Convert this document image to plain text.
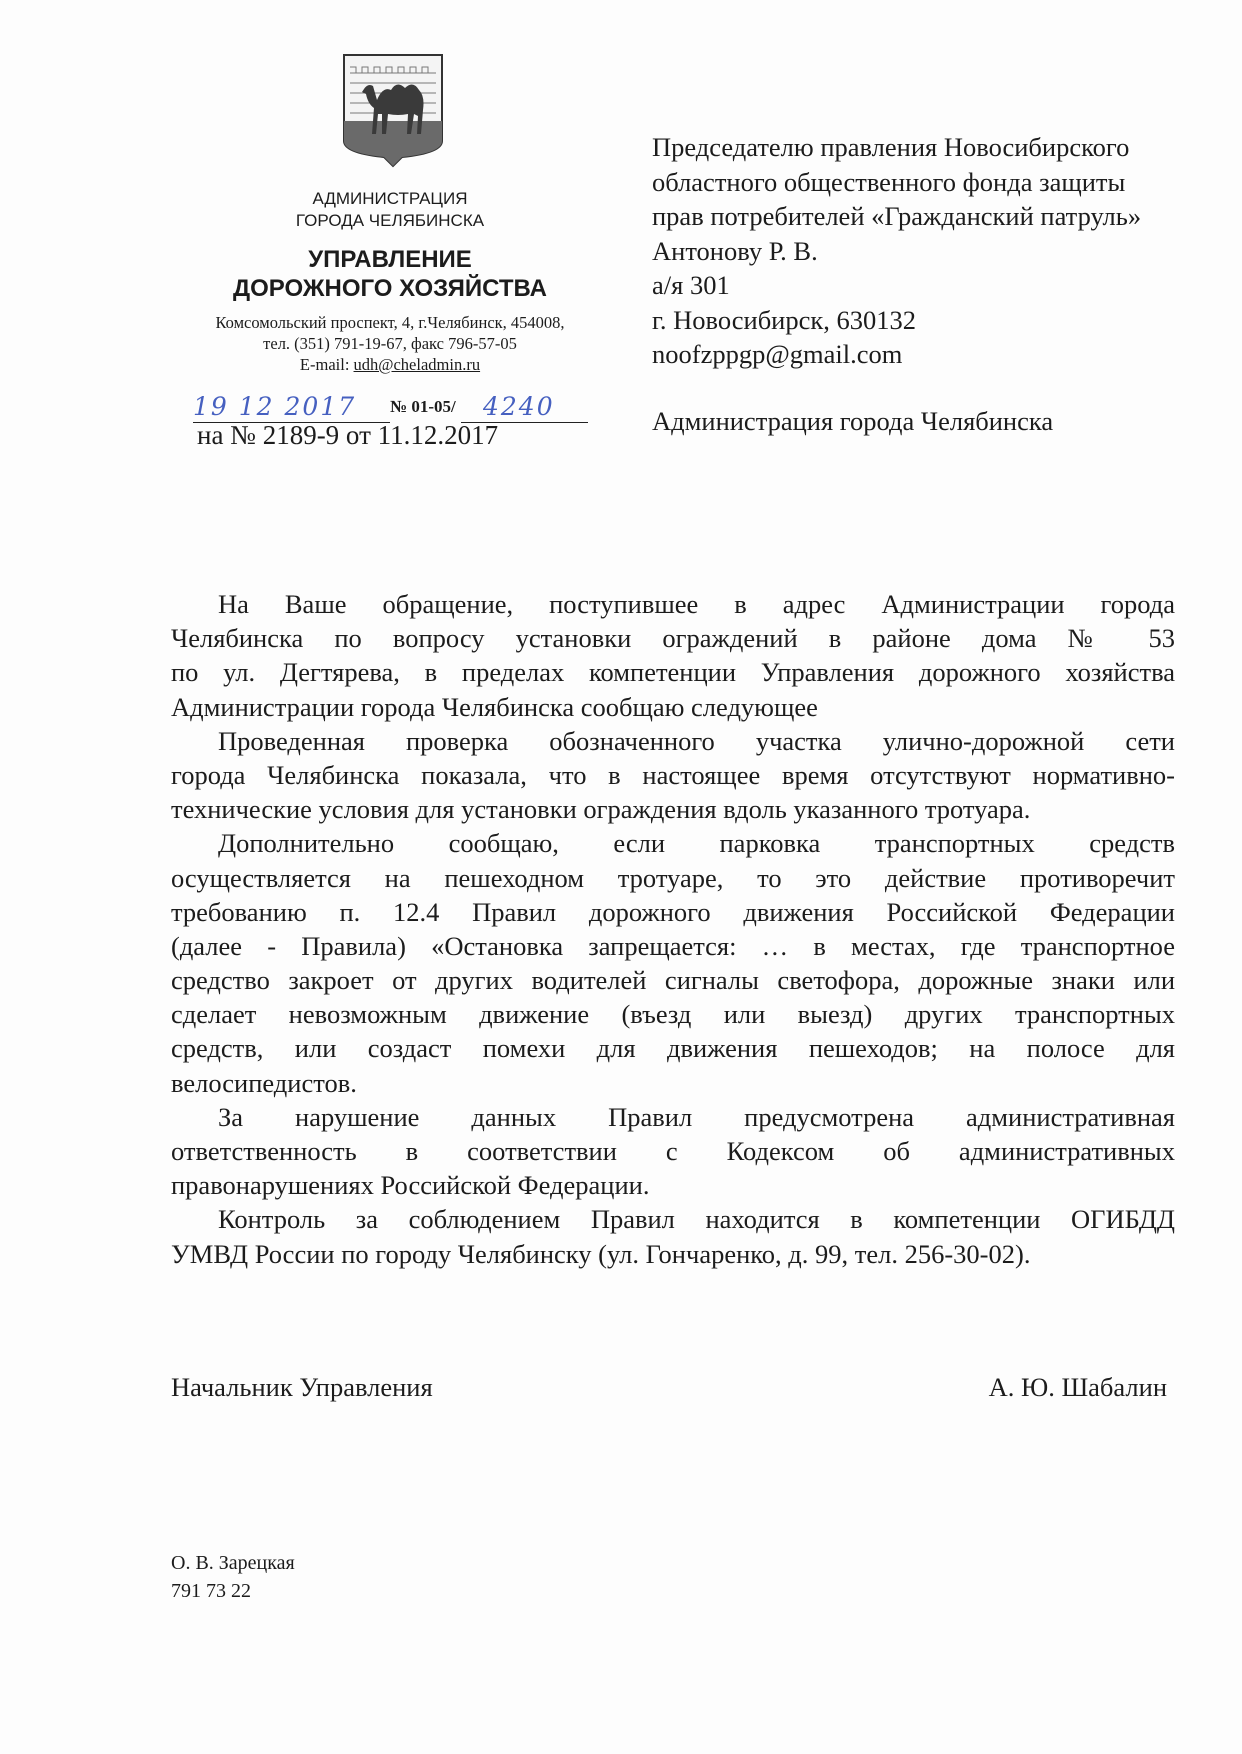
АДМИНИСТРАЦИЯ
ГОРОДА ЧЕЛЯБИНСКА
УПРАВЛЕНИЕ
ДОРОЖНОГО ХОЗЯЙСТВА
Комсомольский проспект, 4, г.Челябинск, 454008,
тел. (351) 791-19-67, факс 796-57-05
E-mail: udh@cheladmin.ru
19 12 2017 № 01-05/ 4240
на № 2189-9 от 11.12.2017
Председателю правления Новосибирского
областного общественного фонда защиты
прав потребителей «Гражданский патруль»
Антонову Р. В.
а/я 301
г. Новосибирск, 630132
noofzppgp@gmail.com
Администрация города Челябинска
На Ваше обращение, поступившее в адрес Администрации города
Челябинска по вопросу установки ограждений в районе дома № 53
по ул. Дегтярева, в пределах компетенции Управления дорожного хозяйства
Администрации города Челябинска сообщаю следующее
Проведенная проверка обозначенного участка улично-дорожной сети
города Челябинска показала, что в настоящее время отсутствуют нормативно-
технические условия для установки ограждения вдоль указанного тротуара.
Дополнительно сообщаю, если парковка транспортных средств
осуществляется на пешеходном тротуаре, то это действие противоречит
требованию п. 12.4 Правил дорожного движения Российской Федерации
(далее - Правила) «Остановка запрещается: … в местах, где транспортное
средство закроет от других водителей сигналы светофора, дорожные знаки или
сделает невозможным движение (въезд или выезд) других транспортных
средств, или создаст помехи для движения пешеходов; на полосе для
велосипедистов.
За нарушение данных Правил предусмотрена административная
ответственность в соответствии с Кодексом об административных
правонарушениях Российской Федерации.
Контроль за соблюдением Правил находится в компетенции ОГИБДД
УМВД России по городу Челябинску (ул. Гончаренко, д. 99, тел. 256-30-02).
Начальник Управления	А. Ю. Шабалин
О. В. Зарецкая
791 73 22
